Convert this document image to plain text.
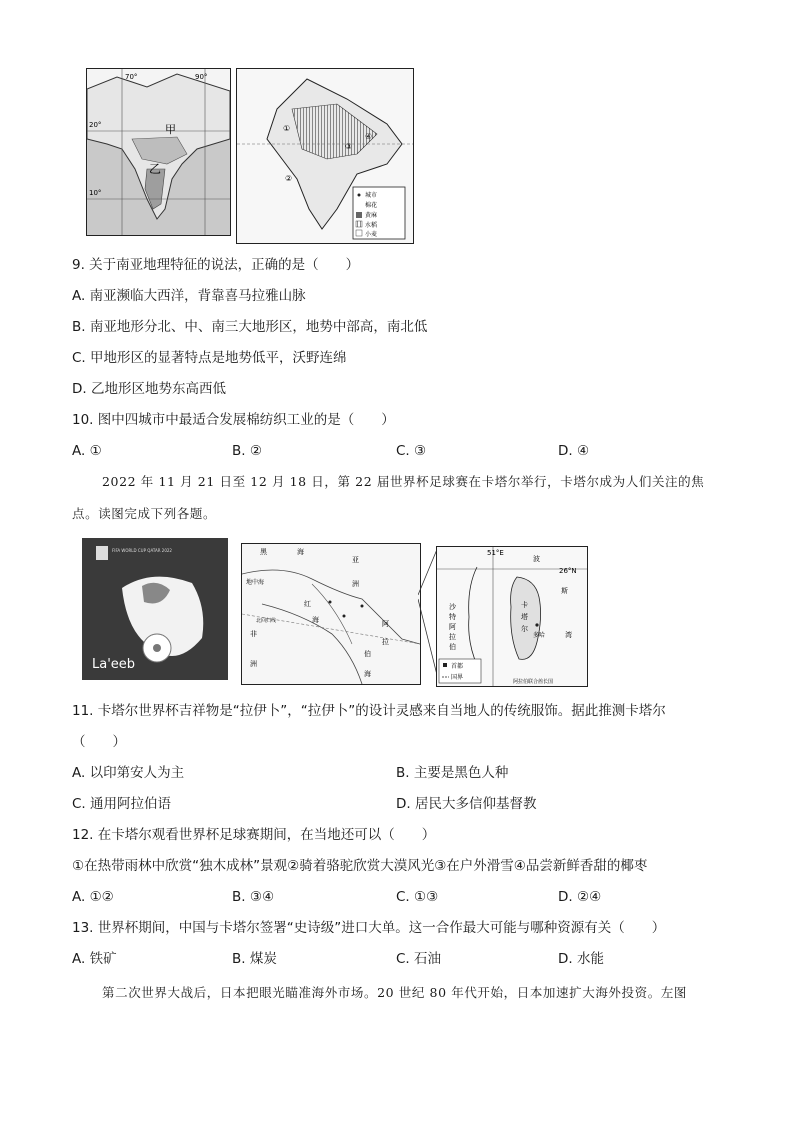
甲
乙
70°	90°
20°
10°
①
②
③
④
城市
棉花
黄麻
水稻
小麦
9. 关于南亚地理特征的说法，正确的是（　　）
A. 南亚濒临大西洋，背靠喜马拉雅山脉
B. 南亚地形分北、中、南三大地形区，地势中部高，南北低
C. 甲地形区的显著特点是地势低平，沃野连绵
D. 乙地形区地势东高西低
10. 图中四城市中最适合发展棉纺织工业的是（　　）
A. ①	B. ②	C. ③	D. ④
2022 年 11 月 21 日至 12 月 18 日，第 22 届世界杯足球赛在卡塔尔举行，卡塔尔成为人们关注的焦
点。读图完成下列各题。
FIFA WORLD CUP QATAR 2022
La'eeb
黑	海
地中海
亚
洲
非
洲
红
海	阿
拉
伯
海
北回归线
51°E
26°N
沙
特
阿
拉
伯
卡
塔
尔
多哈
波
斯
湾
首都
国界
阿拉伯联合酋长国
11. 卡塔尔世界杯吉祥物是“拉伊卜”，“拉伊卜”的设计灵感来自当地人的传统服饰。据此推测卡塔尔
（　　）
A. 以印第安人为主	B. 主要是黑色人种
C. 通用阿拉伯语	D. 居民大多信仰基督教
12. 在卡塔尔观看世界杯足球赛期间，在当地还可以（　　）
①在热带雨林中欣赏“独木成林”景观②骑着骆驼欣赏大漠风光③在户外滑雪④品尝新鲜香甜的椰枣
A. ①②	B. ③④	C. ①③	D. ②④
13. 世界杯期间，中国与卡塔尔签署“史诗级”进口大单。这一合作最大可能与哪种资源有关（　　）
A. 铁矿	B. 煤炭	C. 石油	D. 水能
第二次世界大战后，日本把眼光瞄准海外市场。20 世纪 80 年代开始，日本加速扩大海外投资。左图
